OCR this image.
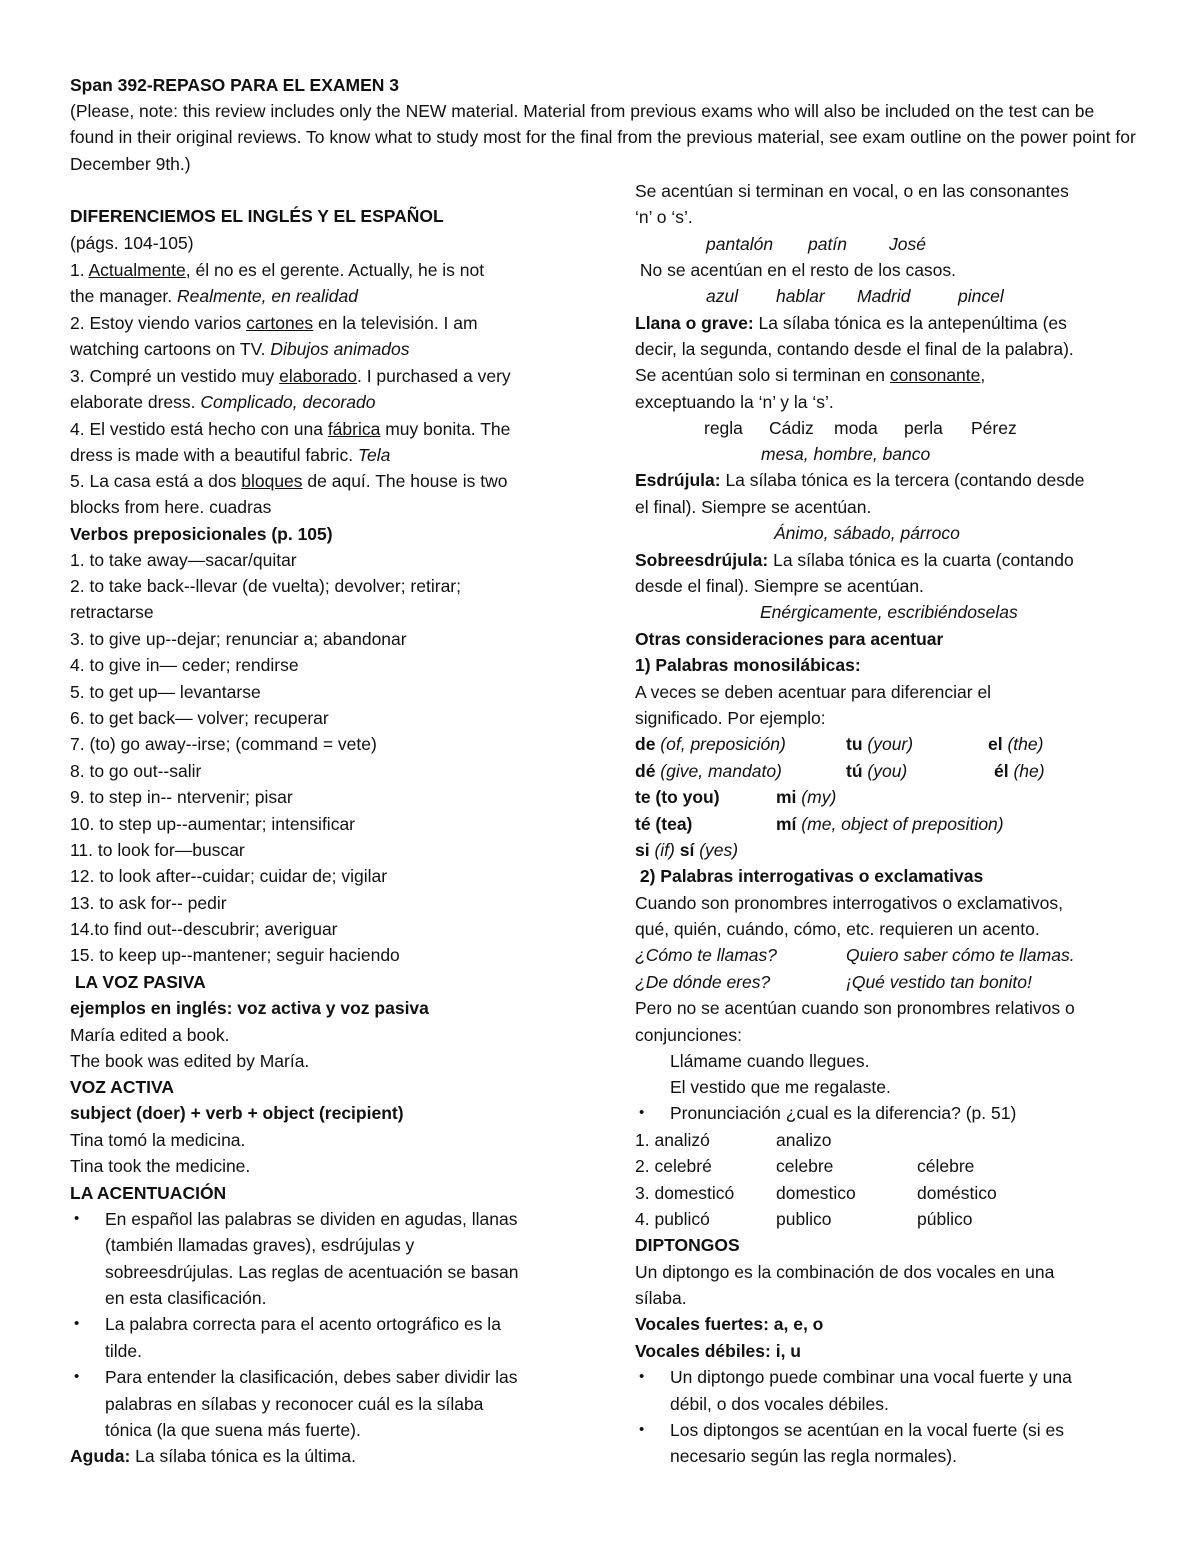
Span 392-REPASO PARA EL EXAMEN 3
(Please, note: this review includes only the NEW material. Material from previous exams who will also be included on the test can be found in their original reviews. To know what to study most for the final from the previous material, see exam outline on the power point for December 9th.)
DIFERENCIEMOS EL INGLÉS Y EL ESPAÑOL
(págs. 104-105)
1. Actualmente, él no es el gerente. Actually, he is not
the manager. Realmente, en realidad
2. Estoy viendo varios cartones en la televisión. I am
watching cartoons on TV. Dibujos animados
3. Compré un vestido muy elaborado. I purchased a very
elaborate dress. Complicado, decorado
4. El vestido está hecho con una fábrica muy bonita. The
dress is made with a beautiful fabric. Tela
5. La casa está a dos bloques de aquí. The house is two
blocks from here. cuadras
Verbos preposicionales (p. 105)
1. to take away—sacar/quitar
2. to take back--llevar (de vuelta); devolver; retirar;
retractarse
3. to give up--dejar; renunciar a; abandonar
4. to give in— ceder; rendirse
5. to get up— levantarse
6. to get back— volver; recuperar
7. (to) go away--irse; (command = vete)
8. to go out--salir
9. to step in-- ntervenir; pisar
10. to step up--aumentar; intensificar
11. to look for—buscar
12. to look after--cuidar; cuidar de; vigilar
13. to ask for-- pedir
14.to find out--descubrir; averiguar
15. to keep up--mantener; seguir haciendo
LA VOZ PASIVA
ejemplos en inglés: voz activa y voz pasiva
María edited a book.
The book was edited by María.
VOZ ACTIVA
subject (doer) + verb + object (recipient)
Tina tomó la medicina.
Tina took the medicine.
LA ACENTUACIÓN
• En español las palabras se dividen en agudas, llanas
(también llamadas graves), esdrújulas y
sobreesdrújulas. Las reglas de acentuación se basan
en esta clasificación.
• La palabra correcta para el acento ortográfico es la
tilde.
• Para entender la clasificación, debes saber dividir las
palabras en sílabas y reconocer cuál es la sílaba
tónica (la que suena más fuerte).
Aguda: La sílaba tónica es la última.
Se acentúan si terminan en vocal, o en las consonantes
‘n’ o ‘s’.
pantalón patín José
No se acentúan en el resto de los casos.
azul hablar Madrid	pincel
Llana o grave: La sílaba tónica es la antepenúltima (es
decir, la segunda, contando desde el final de la palabra).
Se acentúan solo si terminan en consonante,
exceptuando la ‘n’ y la ‘s’.
regla Cádiz moda perla Pérez
mesa, hombre, banco
Esdrújula: La sílaba tónica es la tercera (contando desde
el final). Siempre se acentúan.
Ánimo, sábado, párroco
Sobreesdrújula: La sílaba tónica es la cuarta (contando
desde el final). Siempre se acentúan.
Enérgicamente, escribiéndoselas
Otras consideraciones para acentuar
1) Palabras monosilábicas:
A veces se deben acentuar para diferenciar el
significado. Por ejemplo:
de (of, preposición)	tu (your)	el (the)
dé (give, mandato)	tú (you)	él (he)
te (to you)	mi (my)
té (tea)	mí (me, object of preposition)
si (if) sí (yes)
2) Palabras interrogativas o exclamativas
Cuando son pronombres interrogativos o exclamativos,
qué, quién, cuándo, cómo, etc. requieren un acento.
¿Cómo te llamas?	Quiero saber cómo te llamas.
¿De dónde eres?	¡Qué vestido tan bonito!
Pero no se acentúan cuando son pronombres relativos o
conjunciones:
Llámame cuando llegues.
El vestido que me regalaste.
• Pronunciación ¿cual es la diferencia? (p. 51)
1. analizó	analizo
2. celebré	celebre	célebre
3. domesticó domestico	doméstico
4. publicó	publico	público
DIPTONGOS
Un diptongo es la combinación de dos vocales en una
sílaba.
Vocales fuertes: a, e, o
Vocales débiles: i, u
• Un diptongo puede combinar una vocal fuerte y una
débil, o dos vocales débiles.
• Los diptongos se acentúan en la vocal fuerte (si es
necesario según las regla normales).
